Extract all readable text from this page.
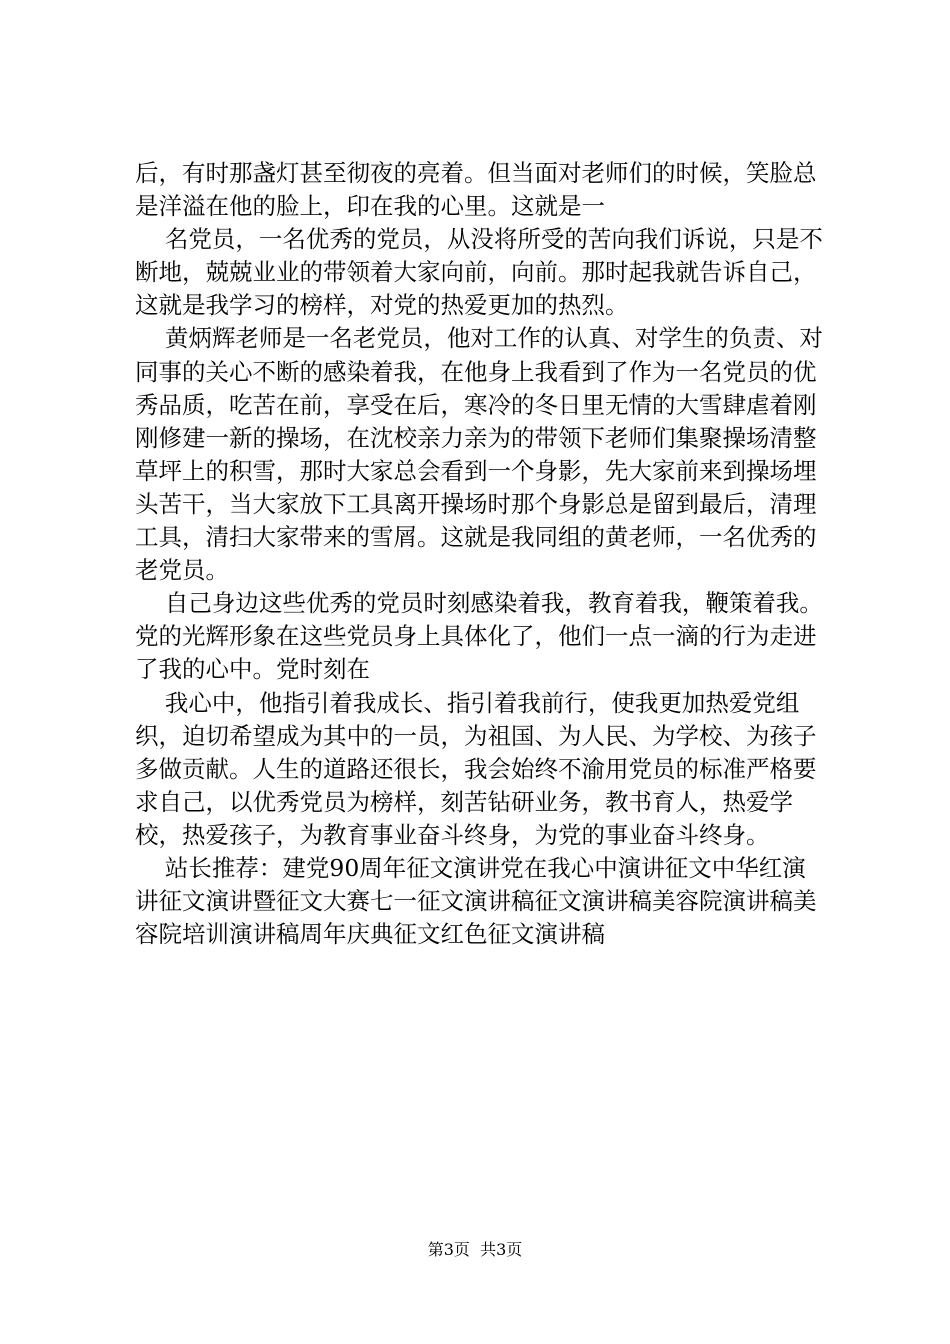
后，有时那盏灯甚至彻夜的亮着。但当面对老师们的时候，笑脸总是洋溢在他的脸上，印在我的心里。这就是一

名党员，一名优秀的党员，从没将所受的苦向我们诉说，只是不断地，兢兢业业的带领着大家向前，向前。那时起我就告诉自己，这就是我学习的榜样，对党的热爱更加的热烈。

黄炳辉老师是一名老党员，他对工作的认真、对学生的负责、对同事的关心不断的感染着我，在他身上我看到了作为一名党员的优秀品质，吃苦在前，享受在后，寒冷的冬日里无情的大雪肆虐着刚刚修建一新的操场，在沈校亲力亲为的带领下老师们集聚操场清整草坪上的积雪，那时大家总会看到一个身影，先大家前来到操场埋头苦干，当大家放下工具离开操场时那个身影总是留到最后，清理工具，清扫大家带来的雪屑。这就是我同组的黄老师，一名优秀的老党员。

自己身边这些优秀的党员时刻感染着我，教育着我，鞭策着我。党的光辉形象在这些党员身上具体化了，他们一点一滴的行为走进了我的心中。党时刻在

我心中，他指引着我成长、指引着我前行，使我更加热爱党组织，迫切希望成为其中的一员，为祖国、为人民、为学校、为孩子多做贡献。人生的道路还很长，我会始终不渝用党员的标准严格要求自己，以优秀党员为榜样，刻苦钻研业务，教书育人，热爱学校，热爱孩子，为教育事业奋斗终身，为党的事业奋斗终身。

站长推荐：建党90周年征文演讲党在我心中演讲征文中华红演讲征文演讲暨征文大赛七一征文演讲稿征文演讲稿美容院演讲稿美容院培训演讲稿周年庆典征文红色征文演讲稿

第3页  共3页
